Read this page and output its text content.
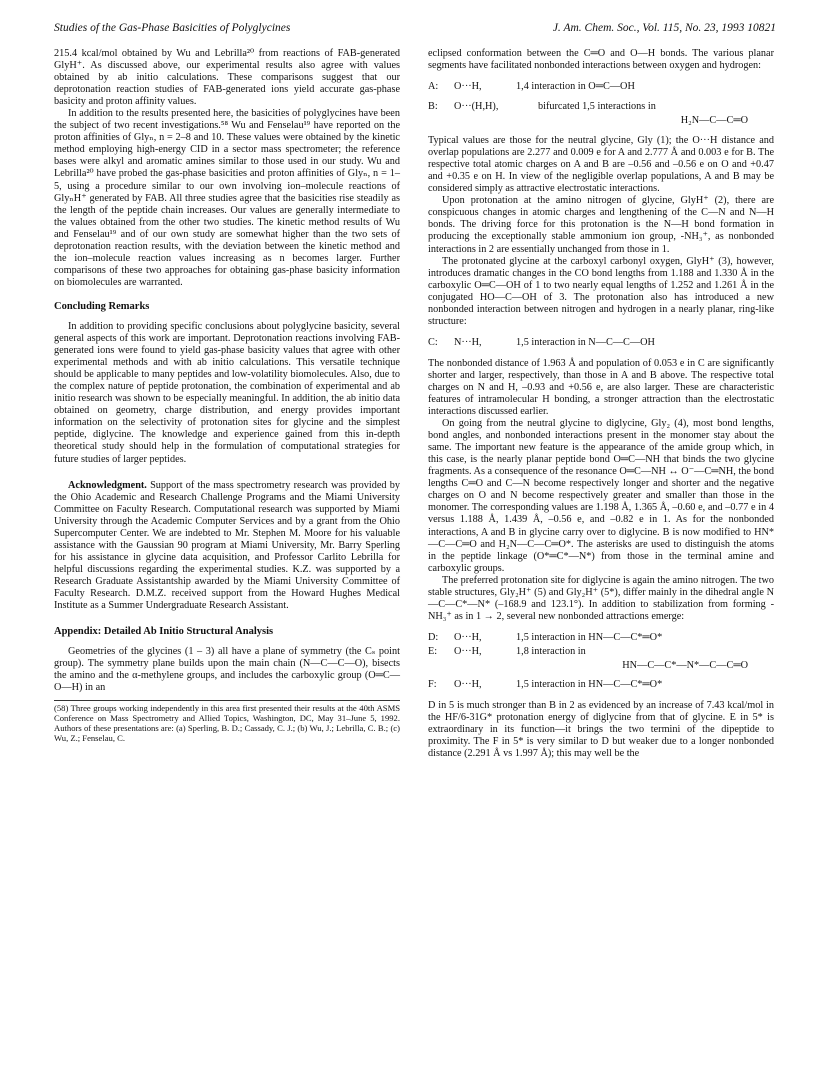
Studies of the Gas-Phase Basicities of Polyglycines	J. Am. Chem. Soc., Vol. 115, No. 23, 1993 10821

215.4 kcal/mol obtained by Wu and Lebrilla²⁰ from reactions of FAB-generated GlyH⁺. As discussed above, our experimental results also agree with values obtained by ab initio calculations. These comparisons suggest that our deprotonation reaction studies of FAB-generated ions yield accurate gas-phase basicity and proton affinity values.

In addition to the results presented here, the basicities of polyglycines have been the subject of two recent investigations.⁵⁸ Wu and Fenselau¹⁹ have reported on the proton affinities of Glyₙ, n = 2–8 and 10. These values were obtained by the kinetic method employing high-energy CID in a sector mass spectrometer; the reference bases were alkyl and aromatic amines similar to those used in our study. Wu and Lebrilla²⁰ have probed the gas-phase basicities and proton affinities of Glyₙ, n = 1–5, using a procedure similar to our own involving ion–molecule reactions of GlyₙH⁺ generated by FAB. All three studies agree that the basicities rise steadily as the length of the peptide chain increases. Our values are generally intermediate to the values obtained from the other two studies. The kinetic method results of Wu and Fenselau¹⁹ and of our own study are somewhat higher than the two sets of deprotonation reaction results, with the deviation between the kinetic method and the ion–molecule reaction values increasing as n becomes larger. Further comparisons of these two approaches for obtaining gas-phase basicity information on biomolecules are warranted.

Concluding Remarks

In addition to providing specific conclusions about polyglycine basicity, several general aspects of this work are important. Deprotonation reactions involving FAB-generated ions were found to yield gas-phase basicity values that agree with other experimental methods and with ab initio calculations. This versatile technique should be applicable to many peptides and low-volatility biomolecules. Also, due to the complex nature of peptide protonation, the combination of experimental and ab initio research was shown to be especially meaningful. In addition, the ab initio data obtained on geometry, charge distribution, and energy provides important information on the selectivity of protonation sites for glycine and the simplest peptide, diglycine. The knowledge and experience gained from this in-depth theoretical study should help in the formulation of computational strategies for future studies of larger peptides.

Acknowledgment. Support of the mass spectrometry research was provided by the Ohio Academic and Research Challenge Programs and the Miami University Committee on Faculty Research. Computational research was supported by Miami University through the Academic Computer Services and by a grant from the Ohio Supercomputer Center. We are indebted to Mr. Stephen M. Moore for his valuable assistance with the Gaussian 90 program at Miami University, Mr. Barry Sperling for his assistance in glycine data acquisition, and Professor Carlito Lebrilla for helpful discussions regarding the experimental studies. K.Z. was supported by a Research Graduate Assistantship awarded by the Miami University Committee of Faculty Research. D.M.Z. received support from the Howard Hughes Medical Institute as a Summer Undergraduate Research Assistant.

Appendix: Detailed Ab Initio Structural Analysis

Geometries of the glycines (1 – 3) all have a plane of symmetry (the Cₛ point group). The symmetry plane builds upon the main chain (N—C—C—O), bisects the amino and the α-methylene groups, and includes the carboxylic group (O═C—O—H) in an

(58) Three groups working independently in this area first presented their results at the 40th ASMS Conference on Mass Spectrometry and Allied Topics, Washington, DC, May 31–June 5, 1992. Authors of these presentations are: (a) Sperling, B. D.; Cassady, C. J.; (b) Wu, J.; Lebrilla, C. B.; (c) Wu, Z.; Fenselau, C.

eclipsed conformation between the C═O and O—H bonds. The various planar segments have facilitated nonbonded interactions between oxygen and hydrogen:

A:	O···H,	1,4 interaction in O═C—OH
B:	O···(H,H),	bifurcated 1,5 interactions in
H₂N—C—C═O

Typical values are those for the neutral glycine, Gly (1); the O···H distance and overlap populations are 2.277 and 0.009 e for A and 2.777 Å and 0.003 e for B. The respective total atomic charges on A and B are –0.56 and –0.56 e on O and +0.47 and +0.35 e on H. In view of the negligible overlap populations, A and B may be considered simply as attractive electrostatic interactions.

Upon protonation at the amino nitrogen of glycine, GlyH⁺ (2), there are conspicuous changes in atomic charges and lengthening of the C—N and N—H bonds. The driving force for this protonation is the N—H bond formation in producing the exceptionally stable ammonium ion group, -NH₃⁺, as nonbonded interactions in 2 are essentially unchanged from those in 1.

The protonated glycine at the carboxyl carbonyl oxygen, GlyH⁺ (3), however, introduces dramatic changes in the CO bond lengths from 1.188 and 1.330 Å in the carboxylic O═C—OH of 1 to two nearly equal lengths of 1.252 and 1.261 Å in the conjugated HO—C—OH of 3. The protonation also has introduced a new nonbonded interaction between nitrogen and hydrogen in a nearly planar, ring-like structure:

C:	N···H,	1,5 interaction in N—C—C—OH

The nonbonded distance of 1.963 Å and population of 0.053 e in C are significantly shorter and larger, respectively, than those in A and B above. The respective total charges on N and H, –0.93 and +0.56 e, are also larger. These are characteristic features of intramolecular H bonding, a stronger attraction than the electrostatic interactions discussed earlier.

On going from the neutral glycine to diglycine, Gly₂ (4), most bond lengths, bond angles, and nonbonded interactions present in the monomer stay about the same. The important new feature is the appearance of the amide group which, in this case, is the nearly planar peptide bond O═C—NH that binds the two glycine fragments. As a consequence of the resonance O═C—NH ↔ O⁻—C═NH, the bond lengths C═O and C—N become respectively longer and shorter and the negative charges on O and N become respectively greater and smaller than those in the monomer. The corresponding values are 1.198 Å, 1.365 Å, –0.60 e, and –0.77 e in 4 versus 1.188 Å, 1.439 Å, –0.56 e, and –0.82 e in 1. As for the nonbonded interactions, A and B in glycine carry over to diglycine. B is now modified to HN*—C—C═O and H₂N—C—C═O*. The asterisks are used to distinguish the atoms in the peptide linkage (O*═C*—N*) from those in the terminal amine and carboxylic groups.

The preferred protonation site for diglycine is again the amino nitrogen. The two stable structures, Gly₂H⁺ (5) and Gly₂H⁺ (5*), differ mainly in the dihedral angle N—C—C*—N* (–168.9 and 123.1°). In addition to stabilization from forming -NH₃⁺ as in 1 → 2, several new nonbonded attractions emerge:

D:	O···H,	1,5 interaction in HN—C—C*═O*
E:	O···H,	1,8 interaction in
HN—C—C*—N*—C—C═O
F:	O···H,	1,5 interaction in HN—C—C*═O*

D in 5 is much stronger than B in 2 as evidenced by an increase of 7.43 kcal/mol in the HF/6-31G* protonation energy of diglycine from that of glycine. E in 5* is extraordinary in its function—it brings the two termini of the dipeptide to proximity. The F in 5* is very similar to D but weaker due to a longer nonbonded distance (2.291 Å vs 1.997 Å); this may well be the
